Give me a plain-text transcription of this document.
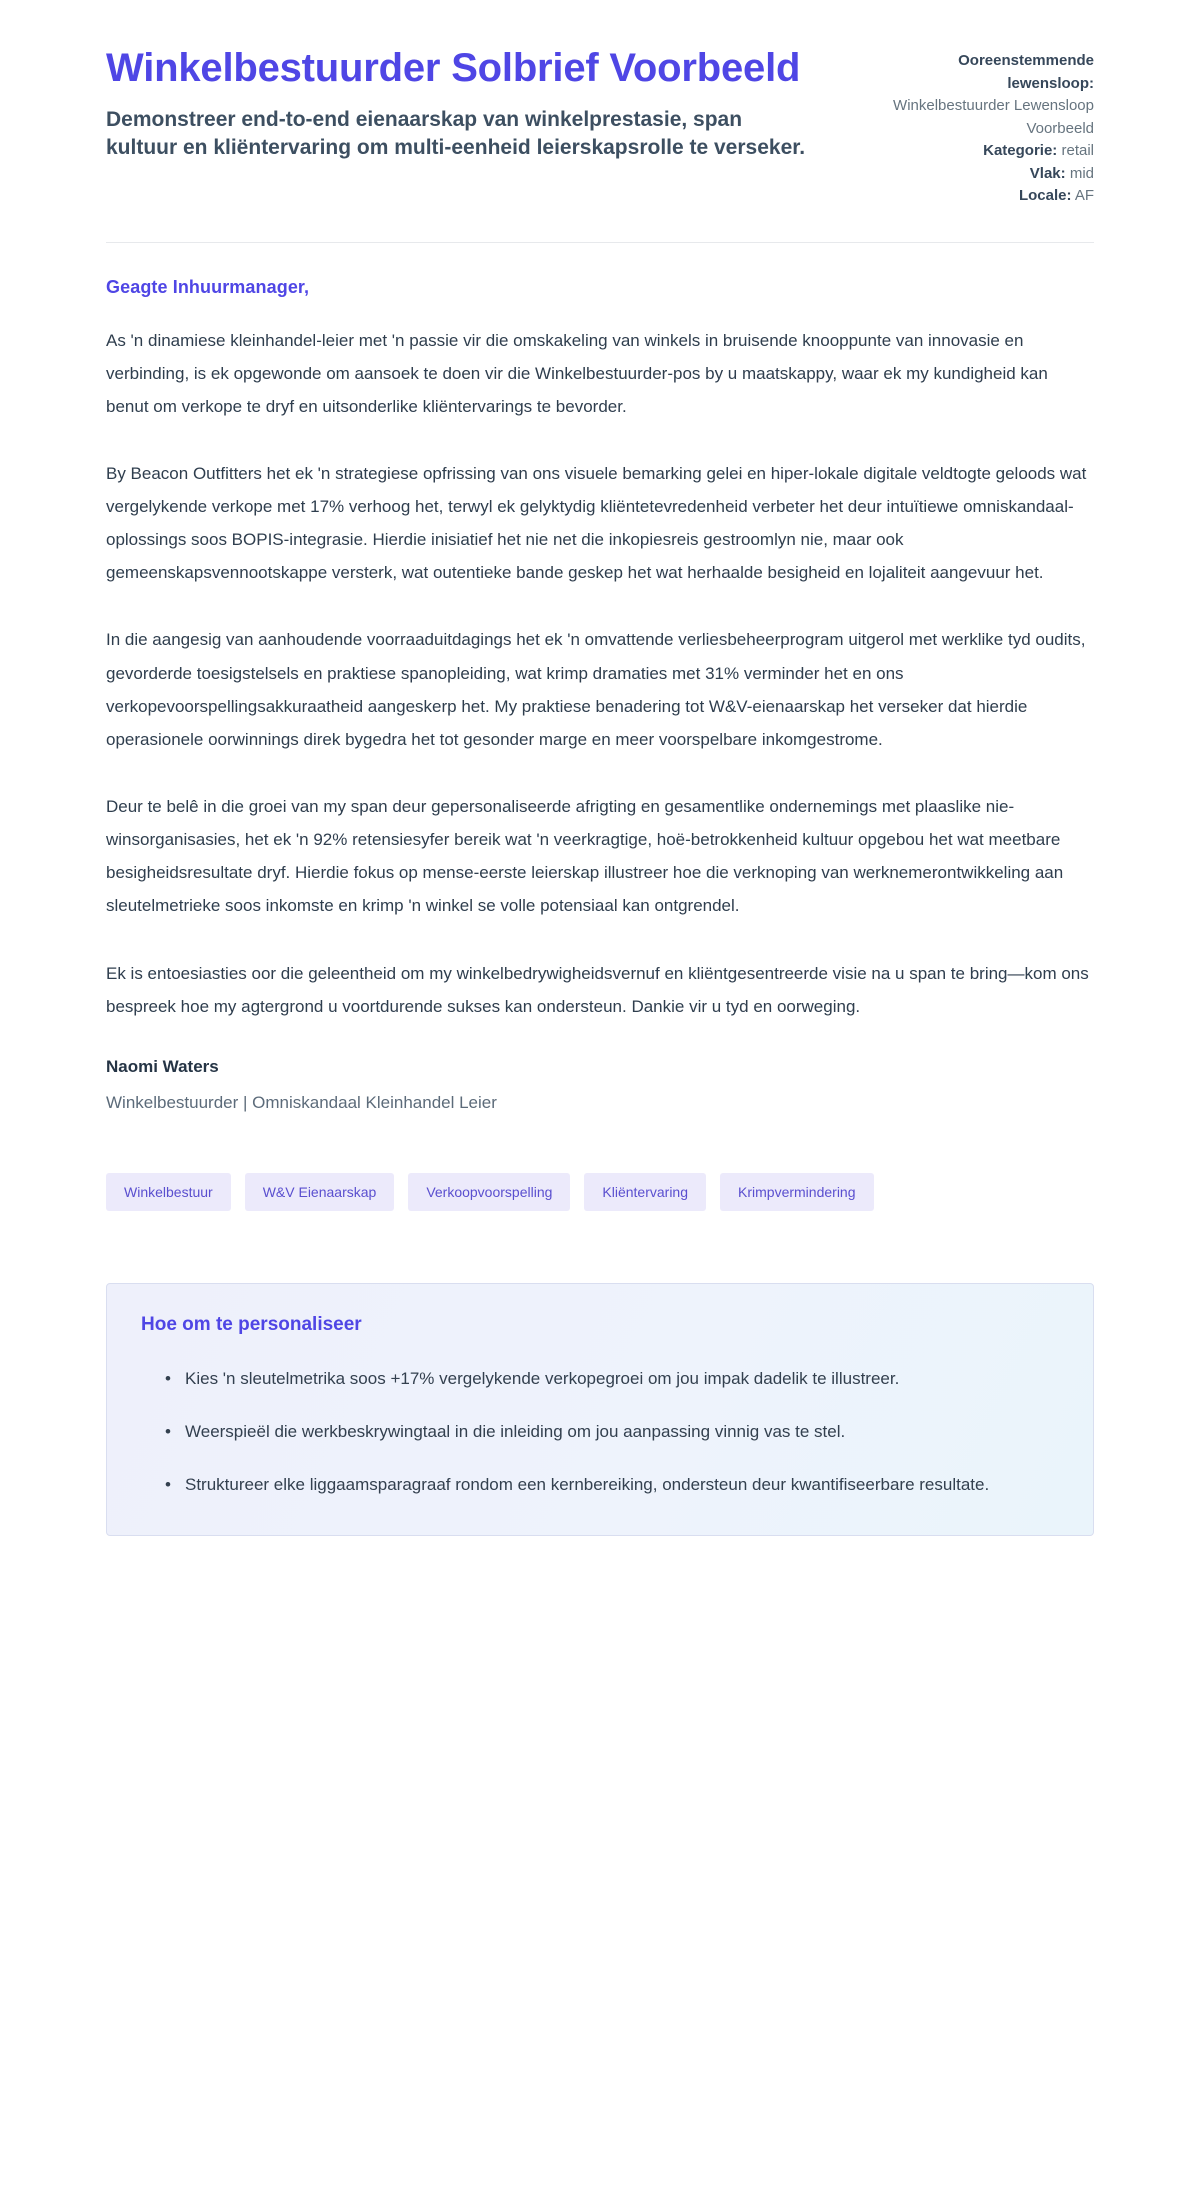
Winkelbestuurder Solbrief Voorbeeld

Demonstreer end-to-end eienaarskap van winkelprestasie, span kultuur en kliëntervaring om multi-eenheid leierskapsrolle te verseker.

Ooreenstemmende lewensloop:
Winkelbestuurder Lewensloop Voorbeeld
Kategorie: retail
Vlak: mid
Locale: AF

Geagte Inhuurmanager,

As 'n dinamiese kleinhandel-leier met 'n passie vir die omskakeling van winkels in bruisende knooppunte van innovasie en verbinding, is ek opgewonde om aansoek te doen vir die Winkelbestuurder-pos by u maatskappy, waar ek my kundigheid kan benut om verkope te dryf en uitsonderlike kliëntervarings te bevorder.

By Beacon Outfitters het ek 'n strategiese opfrissing van ons visuele bemarking gelei en hiper-lokale digitale veldtogte geloods wat vergelykende verkope met 17% verhoog het, terwyl ek gelyktydig kliëntetevredenheid verbeter het deur intuïtiewe omniskandaal-oplossings soos BOPIS-integrasie. Hierdie inisiatief het nie net die inkopiesreis gestroomlyn nie, maar ook gemeenskapsvennootskappe versterk, wat outentieke bande geskep het wat herhaalde besigheid en lojaliteit aangevuur het.

In die aangesig van aanhoudende voorraaduitdagings het ek 'n omvattende verliesbeheerprogram uitgerol met werklike tyd oudits, gevorderde toesigstelsels en praktiese spanopleiding, wat krimp dramaties met 31% verminder het en ons verkopevoorspellingsakkuraatheid aangeskerp het. My praktiese benadering tot W&V-eienaarskap het verseker dat hierdie operasionele oorwinnings direk bygedra het tot gesonder marge en meer voorspelbare inkomgestrome.

Deur te belê in die groei van my span deur gepersonaliseerde afrigting en gesamentlike ondernemings met plaaslike nie-winsorganisasies, het ek 'n 92% retensiesyfer bereik wat 'n veerkragtige, hoë-betrokkenheid kultuur opgebou het wat meetbare besigheidsresultate dryf. Hierdie fokus op mense-eerste leierskap illustreer hoe die verknoping van werknemerontwikkeling aan sleutelmetrieke soos inkomste en krimp 'n winkel se volle potensiaal kan ontgrendel.

Ek is entoesiasties oor die geleentheid om my winkelbedrywigheidsvernuf en kliëntgesentreerde visie na u span te bring—kom ons bespreek hoe my agtergrond u voortdurende sukses kan ondersteun. Dankie vir u tyd en oorweging.

Naomi Waters

Winkelbestuurder | Omniskandaal Kleinhandel Leier

Winkelbestuur	W&V Eienaarskap	Verkoopvoorspelling	Kliëntervaring	Krimpvermindering
Hoe om te personaliseer
• Kies 'n sleutelmetrika soos +17% vergelykende verkopegroei om jou impak dadelik te illustreer.
• Weerspieël die werkbeskrywingtaal in die inleiding om jou aanpassing vinnig vas te stel.
• Struktureer elke liggaamsparagraaf rondom een kernbereiking, ondersteun deur kwantifiseerbare resultate.
